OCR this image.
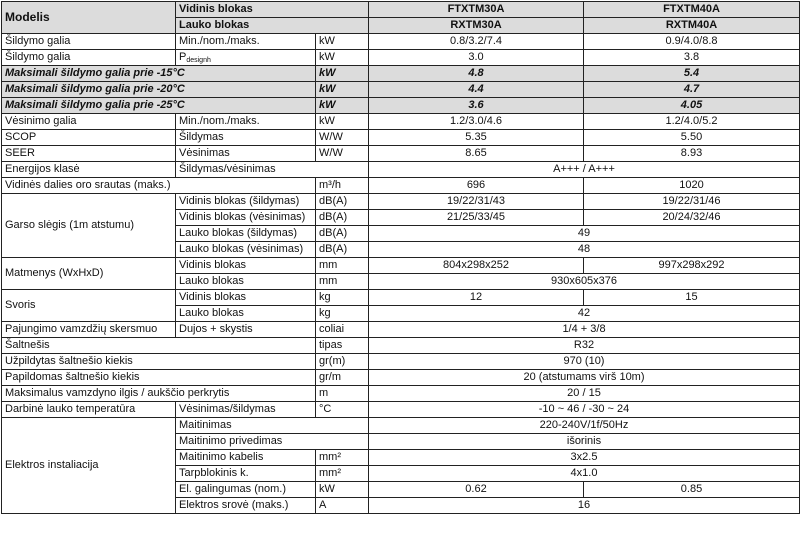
Modelis	Vidinis blokas		FTXTM30A	FTXTM40A
	Lauko blokas		RXTM30A	RXTM40A
Šildymo galia	Min./nom./maks.	kW	0.8/3.2/7.4	0.9/4.0/8.8
Šildymo galia	$P_{designh}$	kW	3.0	3.8
Maksimali šildymo galia prie -15°C		kW	4.8	5.4
Maksimali šildymo galia prie -20°C		kW	4.4	4.7
Maksimali šildymo galia prie -25°C		kW	3.6	4.05
Vėsinimo galia	Min./nom./maks.	kW	1.2/3.0/4.6	1.2/4.0/5.2
SCOP	Šildymas	W/W	5.35	5.50
SEER	Vėsinimas	W/W	8.65	8.93
Energijos klasė	Šildymas/vėsinimas		A+++ / A+++	
Vidinės dalies oro srautas (maks.)		m³/h	696	1020
Garso slėgis (1m atstumu)	Vidinis blokas (šildymas)	dB(A)	19/22/31/43	19/22/31/46
	Vidinis blokas (vėsinimas)	dB(A)	21/25/33/45	20/24/32/46
	Lauko blokas (šildymas)	dB(A)	49	
	Lauko blokas (vėsinimas)	dB(A)	48	
Matmenys (WxHxD)	Vidinis blokas	mm	804x298x252	997x298x292
	Lauko blokas	mm	930x605x376	
Svoris	Vidinis blokas	kg	12	15
	Lauko blokas	kg	42	
Pajungimo vamzdžių skersmuo	Dujos + skystis	coliai	1/4 + 3/8	
Šaltnešis		tipas	R32	
Užpildytas šaltnešio kiekis		gr(m)	970 (10)	
Papildomas šaltnešio kiekis		gr/m	20 (atstumams virš 10m)	
Maksimalus vamzdyno ilgis / aukščio perkrytis		m	20 / 15	
Darbinė lauko temperatūra	Vėsinimas/šildymas	°C	-10 ~ 46 / -30 ~ 24	
Elektros instaliacija	Maitinimas		220-240V/1f/50Hz	
	Maitinimo privedimas		išorinis	
	Maitinimo kabelis	mm²	3x2.5	
	Tarpblokinis k.	mm²	4x1.0	
	El. galingumas (nom.)	kW	0.62	0.85
	Elektros srovė (maks.)	A	16	
